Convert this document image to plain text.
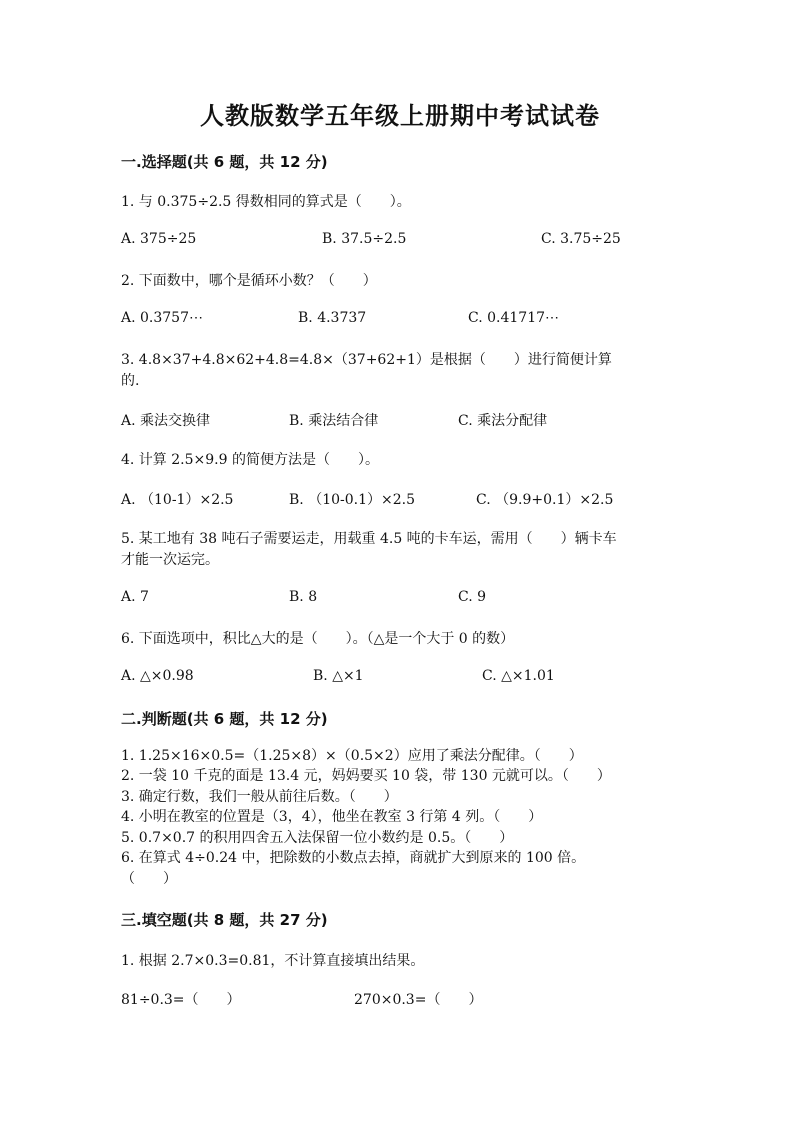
人教版数学五年级上册期中考试试卷
一.选择题(共 6 题，共 12 分)
1. 与 0.375÷2.5 得数相同的算式是（　　）。
A. 375÷25	B. 37.5÷2.5	C. 3.75÷25
2. 下面数中，哪个是循环小数？（　　）
A. 0.3757⋯	B. 4.3737	C. 0.41717⋯
3. 4.8×37+4.8×62+4.8=4.8×（37+62+1）是根据（　　）进行简便计算
的.
A. 乘法交换律	B. 乘法结合律	C. 乘法分配律
4. 计算 2.5×9.9 的简便方法是（　　）。
A. （10-1）×2.5	B. （10-0.1）×2.5	C. （9.9+0.1）×2.5
5. 某工地有 38 吨石子需要运走，用载重 4.5 吨的卡车运，需用（　　）辆卡车
才能一次运完。
A. 7	B. 8	C. 9
6. 下面选项中，积比△大的是（　　）。（△是一个大于 0 的数）
A. △×0.98	B. △×1	C. △×1.01
二.判断题(共 6 题，共 12 分)
1. 1.25×16×0.5=（1.25×8）×（0.5×2）应用了乘法分配律。（　　）
2. 一袋 10 千克的面是 13.4 元，妈妈要买 10 袋，带 130 元就可以。（　　）
3. 确定行数，我们一般从前往后数。（　　）
4. 小明在教室的位置是（3，4），他坐在教室 3 行第 4 列。（　　）
5. 0.7×0.7 的积用四舍五入法保留一位小数约是 0.5。（　　）
6. 在算式 4÷0.24 中，把除数的小数点去掉，商就扩大到原来的 100 倍。
（　　）
三.填空题(共 8 题，共 27 分)
1. 根据 2.7×0.3=0.81，不计算直接填出结果。
81÷0.3=（　　）	270×0.3=（　　）
